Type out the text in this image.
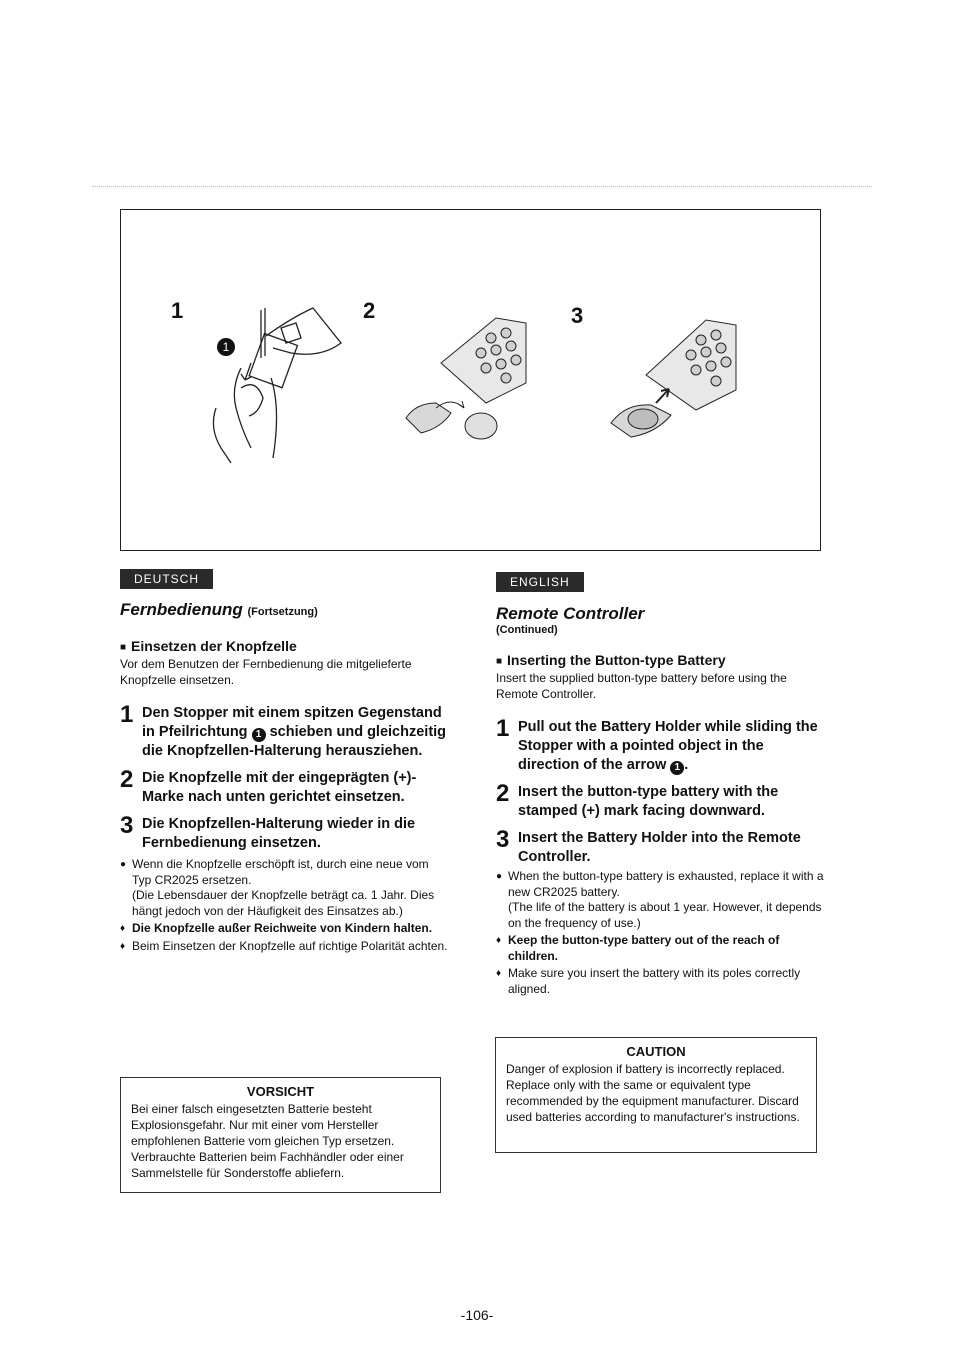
1	2	3
1
DEUTSCH

Fernbedienung (Fortsetzung)

■ Einsetzen der Knopfzelle

Vor dem Benutzen der Fernbedienung die mitgelieferte Knopfzelle einsetzen.

1 Den Stopper mit einem spitzen Gegenstand in Pfeilrichtung 1 schieben und gleichzeitig die Knopfzellen-Halterung herausziehen.
2 Die Knopfzelle mit der eingeprägten (+)-Marke nach unten gerichtet einsetzen.
3 Die Knopfzellen-Halterung wieder in die Fernbedienung einsetzen.

● Wenn die Knopfzelle erschöpft ist, durch eine neue vom Typ CR2025 ersetzen.

(Die Lebensdauer der Knopfzelle beträgt ca. 1 Jahr. Dies hängt jedoch von der Häufigkeit des Einsatzes ab.)

♦ Die Knopfzelle außer Reichweite von Kindern halten.

♦ Beim Einsetzen der Knopfzelle auf richtige Polarität achten.

VORSICHT

Bei einer falsch eingesetzten Batterie besteht Explosionsgefahr. Nur mit einer vom Hersteller empfohlenen Batterie vom gleichen Typ ersetzen. Verbrauchte Batterien beim Fachhändler oder einer Sammelstelle für Sonderstoffe abliefern.

ENGLISH

Remote Controller

(Continued)

■ Inserting the Button-type Battery

Insert the supplied button-type battery before using the Remote Controller.

1 Pull out the Battery Holder while sliding the Stopper with a pointed object in the direction of the arrow 1 .
2 Insert the button-type battery with the stamped (+) mark facing downward.
3 Insert the Battery Holder into the Remote Controller.

● When the button-type battery is exhausted, replace it with a new CR2025 battery.

(The life of the battery is about 1 year. However, it depends on the frequency of use.)

♦ Keep the button-type battery out of the reach of children.

♦ Make sure you insert the battery with its poles correctly aligned.

CAUTION

Danger of explosion if battery is incorrectly replaced. Replace only with the same or equivalent type recommended by the equipment manufacturer. Discard used batteries according to manufacturer's instructions.

-106-
